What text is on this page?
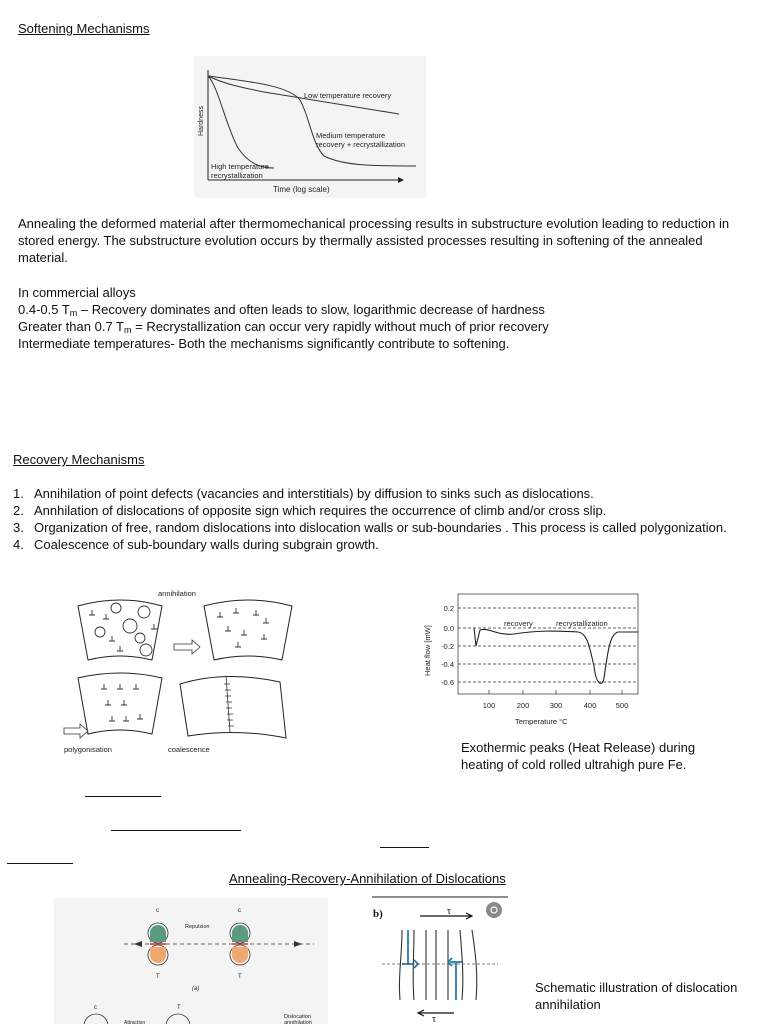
Softening Mechanisms
Hardness
Time (log scale)
Low temperature recovery
Medium temperature
recovery + recrystallization
High temperature
recrystallization
Annealing the deformed material after thermomechanical processing results in substructure evolution leading to reduction in
stored energy. The substructure evolution occurs by thermally assisted processes resulting in softening of the annealed
material.
In commercial alloys
0.4-0.5 $T_m$ – Recovery dominates and often leads to slow, logarithmic decrease of hardness
Greater than 0.7 $T_m$ = Recrystallization can occur very rapidly without much of prior recovery
Intermediate temperatures- Both the mechanisms significantly contribute to softening.
Recovery Mechanisms
1. Annihilation of point defects (vacancies and interstitials) by diffusion to sinks such as dislocations.
2. Annhilation of dislocations of opposite sign which requires the occurrence of climb and/or cross slip.
3. Organization of free, random dislocations into dislocation walls or sub-boundaries . This process is called polygonization.
4. Coalescence of sub-boundary walls during subgrain growth.
annihilation
polygonisation	coalescence
0.2
0.0
-0.2
-0.4
-0.6
100	200	300	400	500
recovery	recrystallization
Heat flow [mW]
Temperature °C
Exothermic peaks (Heat Release) during
heating of cold rolled ultrahigh pure Fe.
Annealing-Recovery-Annihilation of Dislocations
c	c
T	T
Repulsion
(a)
c	T
Attraction
Dislocation
annihilation
b)	τ
τ
Schematic illustration of dislocation
annihilation
